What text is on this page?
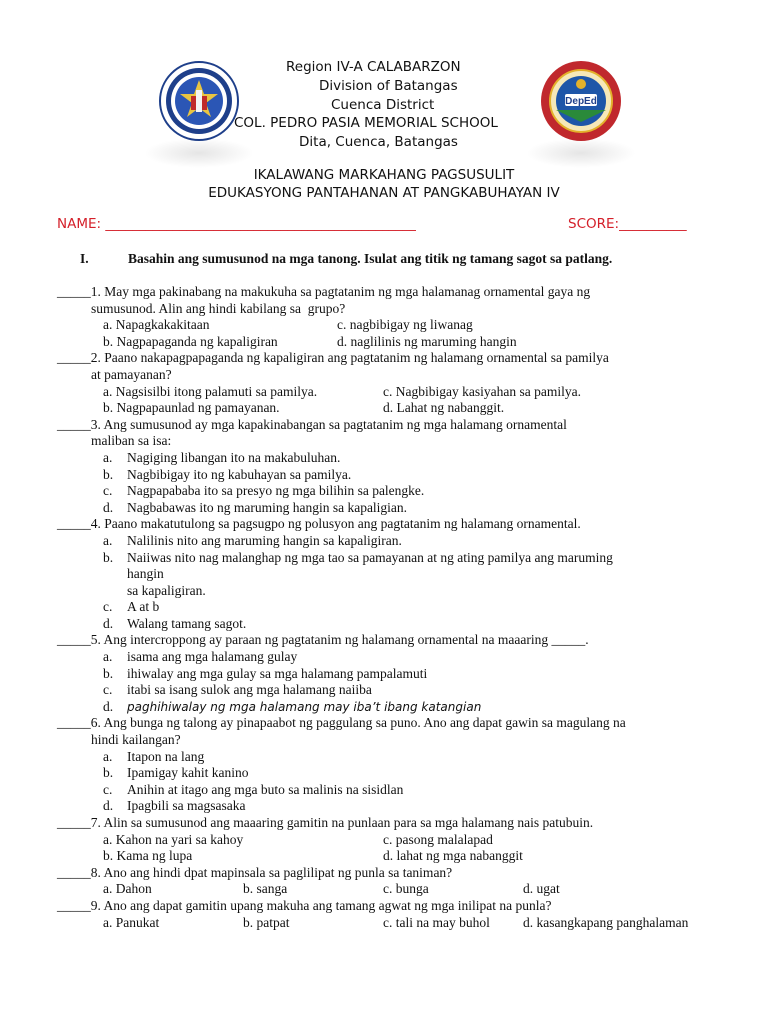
DepEd
Region IV-A CALABARZON
Division of Batangas
Cuenca District
COL. PEDRO PASIA MEMORIAL SCHOOL
Dita, Cuenca, Batangas
IKALAWANG MARKAHANG PAGSUSULIT
EDUKASYONG PANTAHANAN AT PANGKABUHAYAN IV
NAME: ______________________________________________	SCORE:__________
I.	Basahin ang sumusunod na mga tanong. Isulat ang titik ng tamang sagot sa patlang.
_____1. May mga pakinabang na makukuha sa pagtatanim ng mga halamanag ornamental gaya ng
sumusunod. Alin ang hindi kabilang sa  grupo?
a. Napagkakakitaan	c. nagbibigay ng liwanag
b. Nagpapaganda ng kapaligiran	d. naglilinis ng maruming hangin
_____2. Paano nakapagpapaganda ng kapaligiran ang pagtatanim ng halamang ornamental sa pamilya
at pamayanan?
a. Nagsisilbi itong palamuti sa pamilya.	c. Nagbibigay kasiyahan sa pamilya.
b. Nagpapaunlad ng pamayanan.	d. Lahat ng nabanggit.
_____3. Ang sumusunod ay mga kapakinabangan sa pagtatanim ng mga halamang ornamental
maliban sa isa:
a. Nagiging libangan ito na makabuluhan.
b. Nagbibigay ito ng kabuhayan sa pamilya.
c. Nagpapababa ito sa presyo ng mga bilihin sa palengke.
d. Nagbabawas ito ng maruming hangin sa kapaligian.
_____4. Paano makatutulong sa pagsugpo ng polusyon ang pagtatanim ng halamang ornamental.
a. Nalilinis nito ang maruming hangin sa kapaligiran.
b. Naiiwas nito nag malanghap ng mga tao sa pamayanan at ng ating pamilya ang maruming
hangin
sa kapaligiran.
c. A at b
d. Walang tamang sagot.
_____5. Ang intercroppong ay paraan ng pagtatanim ng halamang ornamental na maaaring _____.
a. isama ang mga halamang gulay
b. ihiwalay ang mga gulay sa mga halamang pampalamuti
c. itabi sa isang sulok ang mga halamang naiiba
d. paghihiwalay ng mga halamang may iba’t ibang katangian
_____6. Ang bunga ng talong ay pinapaabot ng paggulang sa puno. Ano ang dapat gawin sa magulang na
hindi kailangan?
a. Itapon na lang
b. Ipamigay kahit kanino
c. Anihin at itago ang mga buto sa malinis na sisidlan
d. Ipagbili sa magsasaka
_____7. Alin sa sumusunod ang maaaring gamitin na punlaan para sa mga halamang nais patubuin.
a. Kahon na yari sa kahoy	c. pasong malalapad
b. Kama ng lupa	d. lahat ng mga nabanggit
_____8. Ano ang hindi dpat mapinsala sa paglilipat ng punla sa taniman?
a. Dahon	b. sanga	c. bunga	d. ugat
_____9. Ano ang dapat gamitin upang makuha ang tamang agwat ng mga inilipat na punla?
a. Panukat	b. patpat	c. tali na may buhol d. kasangkapang panghalaman
